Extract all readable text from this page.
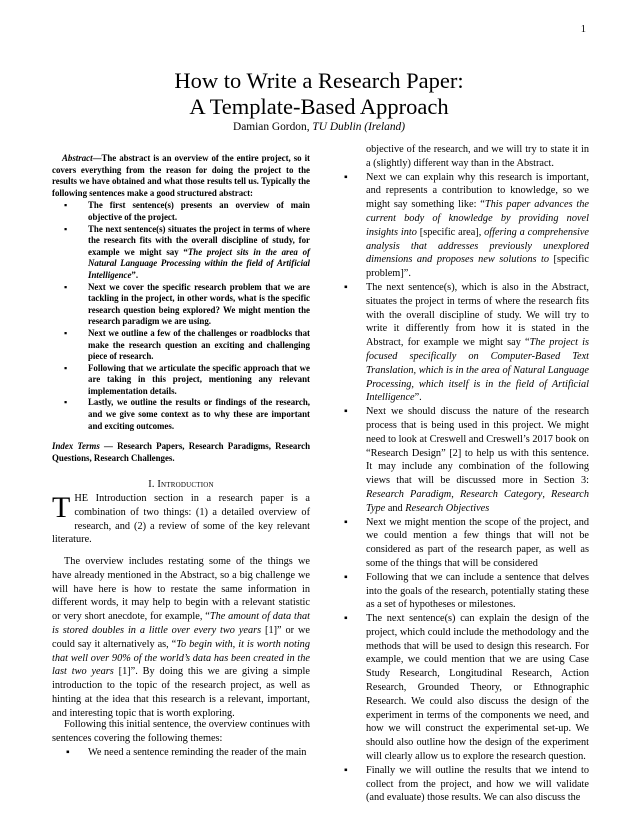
1
How to Write a Research Paper:
A Template-Based Approach
Damian Gordon, TU Dublin (Ireland)

Abstract—The abstract is an overview of the entire project, so it covers everything from the reason for doing the project to the results we have obtained and what those results tell us. Typically the following sentences make a good structured abstract:

▪ The first sentence(s) presents an overview of main objective of the project.
▪ The next sentence(s) situates the project in terms of where the research fits with the overall discipline of study, for example we might say “The project sits in the area of Natural Language Processing within the field of Artificial Intelligence”.
▪ Next we cover the specific research problem that we are tackling in the project, in other words, what is the specific research question being explored? We might mention the research paradigm we are using.
▪ Next we outline a few of the challenges or roadblocks that make the research question an exciting and challenging piece of research.
▪ Following that we articulate the specific approach that we are taking in this project, mentioning any relevant implementation details.
▪ Lastly, we outline the results or findings of the research, and we give some context as to why these are important and exciting outcomes.
Index Terms — Research Papers, Research Paradigms, Research Questions, Research Challenges.
I. Introduction

THE Introduction section in a research paper is a combination of two things: (1) a detailed overview of research, and (2) a review of some of the key relevant literature.

The overview includes restating some of the things we have already mentioned in the Abstract, so a big challenge we will have here is how to restate the same information in different words, it may help to begin with a relevant statistic or very short anecdote, for example, “The amount of data that is stored doubles in a little over every two years [1]” or we could say it alternatively as, “To begin with, it is worth noting that well over 90% of the world’s data has been created in the last two years [1]”. By doing this we are giving a simple introduction to the topic of the research project, as well as hinting at the idea that this research is a relevant, important, and interesting topic that is worth exploring.

Following this initial sentence, the overview continues with sentences covering the following themes:

▪ We need a sentence reminding the reader of the main

objective of the research, and we will try to state it in a (slightly) different way than in the Abstract.

▪ Next we can explain why this research is important, and represents a contribution to knowledge, so we might say something like: “This paper advances the current body of knowledge by providing novel insights into [specific area], offering a comprehensive analysis that addresses previously unexplored dimensions and proposes new solutions to [specific problem]”.
▪ The next sentence(s), which is also in the Abstract, situates the project in terms of where the research fits with the overall discipline of study. We will try to write it differently from how it is stated in the Abstract, for example we might say “The project is focused specifically on Computer-Based Text Translation, which is in the area of Natural Language Processing, which itself is in the field of Artificial Intelligence”.
▪ Next we should discuss the nature of the research process that is being used in this project. We might need to look at Creswell and Creswell’s 2017 book on “Research Design” [2] to help us with this sentence. It may include any combination of the following views that will be discussed more in Section 3: Research Paradigm, Research Category, Research Type and Research Objectives
▪ Next we might mention the scope of the project, and we could mention a few things that will not be considered as part of the research paper, as well as some of the things that will be considered
▪ Following that we can include a sentence that delves into the goals of the research, potentially stating these as a set of hypotheses or milestones.
▪ The next sentence(s) can explain the design of the project, which could include the methodology and the methods that will be used to design this research. For example, we could mention that we are using Case Study Research, Longitudinal Research, Action Research, Grounded Theory, or Ethnographic Research. We could also discuss the design of the experiment in terms of the components we need, and how we will construct the experimental set-up. We should also outline how the design of the experiment will clearly allow us to explore the research question.
▪ Finally we will outline the results that we intend to collect from the project, and how we will validate (and evaluate) those results. We can also discuss the
